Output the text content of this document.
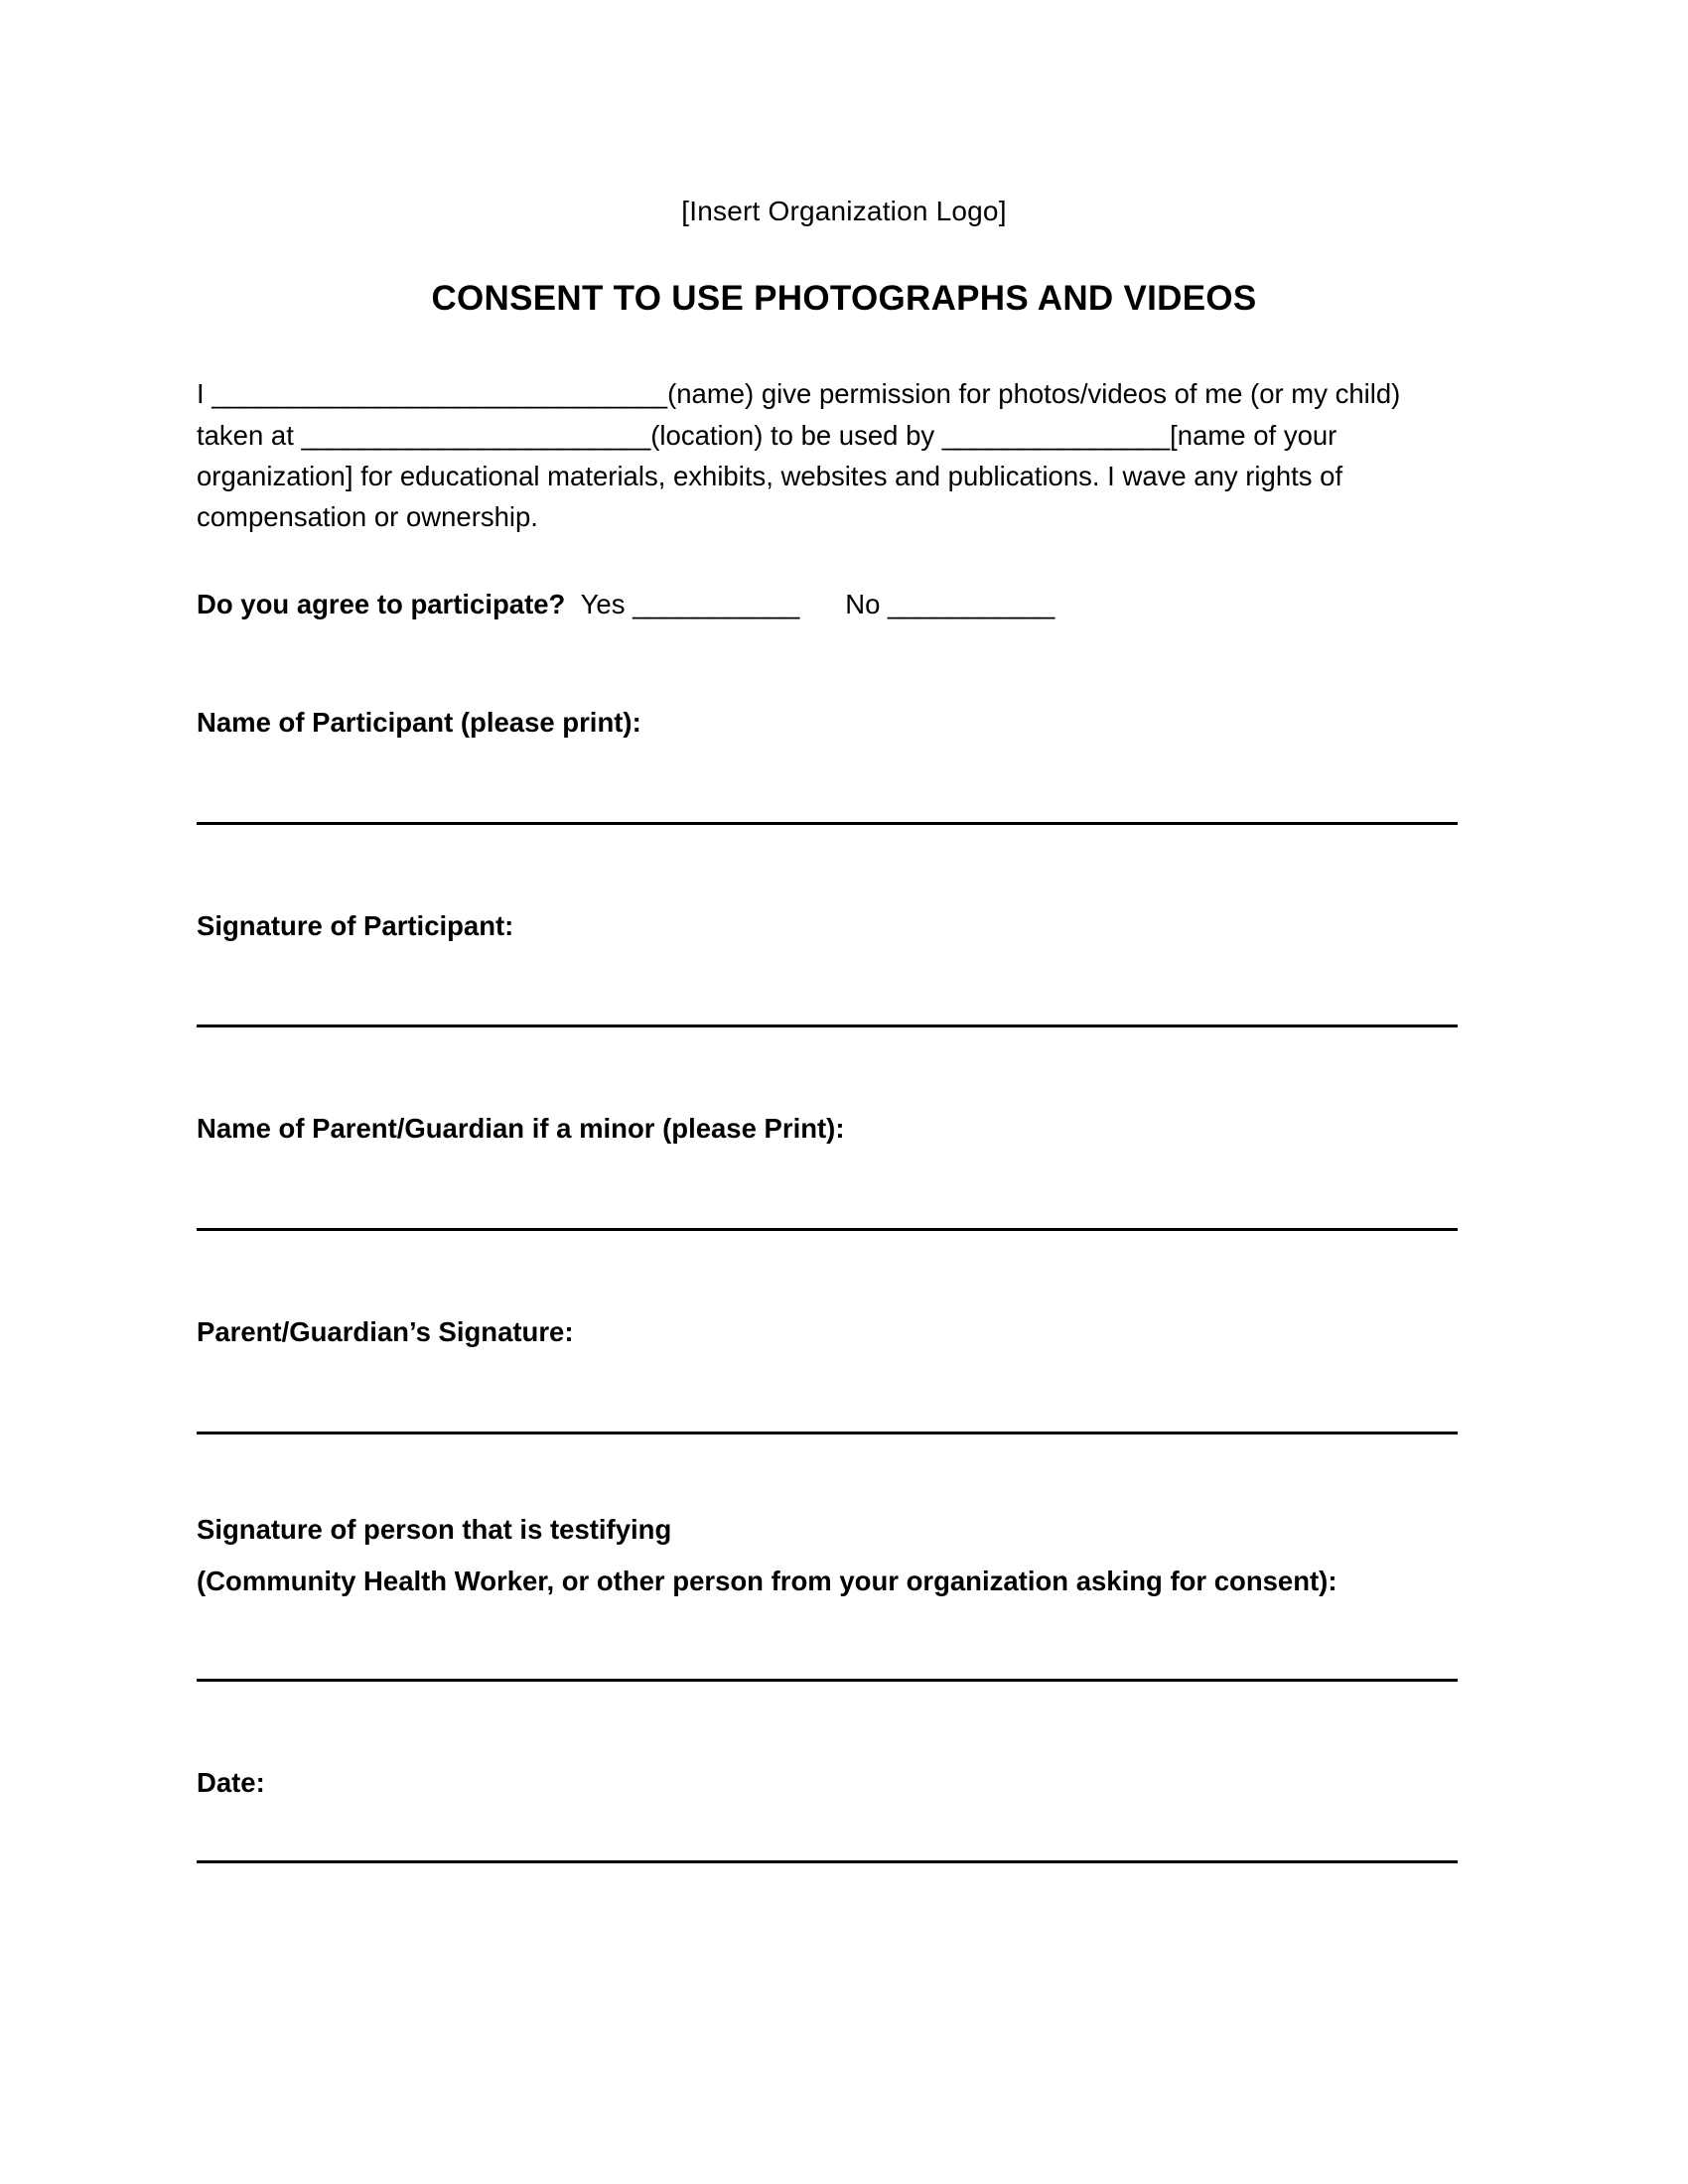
[Insert Organization Logo]
CONSENT TO USE PHOTOGRAPHS AND VIDEOS
I ______________________________(name) give permission for photos/videos of me (or my child) taken at _______________________(location) to be used by _______________[name of your organization] for educational materials, exhibits, websites and publications. I wave any rights of compensation or ownership.
Do you agree to participate? Yes ___________ No ___________
Name of Participant (please print):
Signature of Participant:
Name of Parent/Guardian if a minor (please Print):
Parent/Guardian’s Signature:
Signature of person that is testifying
(Community Health Worker, or other person from your organization asking for consent):
Date:
